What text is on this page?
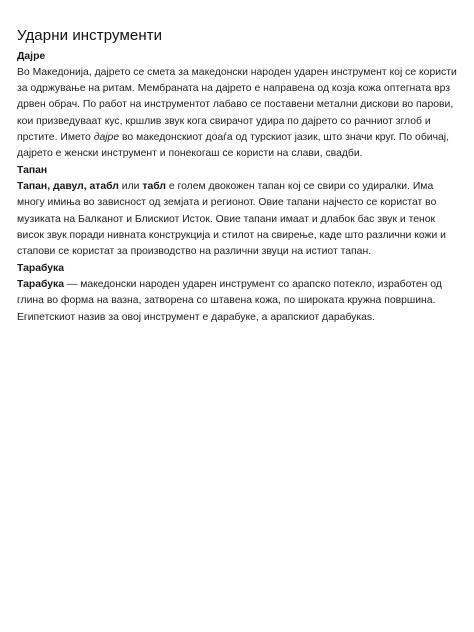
Ударни инструменти
Дајре

Во Македонија, дајрето се смета за македонски народен ударен инструмент кој се користи за одржување на ритам. Мембраната на дајрето е направена од козја кожа оптегната врз дрвен обрач. По работ на инструментот лабаво се поставени метални дискови во парови, кои призведуваат кус, кршлив звук кога свирачот удира по дајрето со рачниот зглоб и прстите. Името дајре во македонскиот доаѓа од турскиот јазик, што значи круг. По обичај, дајрето е женски инструмент и понекогаш се користи на слави, свадби.

Тапан

Тапан, давул, атабл или табл е голем двокожен тапан кој се свири со удиралки. Има многу имиња во зависност од земјата и регионот. Овие тапани најчесто се користат во музиката на Балканот и Блискиот Исток. Овие тапани имаат и длабок бас звук и тенок висок звук поради нивната конструкција и стилот на свирење, каде што различни кожи и стапови се користат за производство на различни звуци на истиот тапан.

Тарабука

Тарабука — македонски народен ударен инструмент со арапско потекло, изработен од глина во форма на вазна, затворена со штавена кожа, по широката кружна површина. Египетскиот назив за овој инструмент е дарабуке, а арапскиот дарабукаs.
